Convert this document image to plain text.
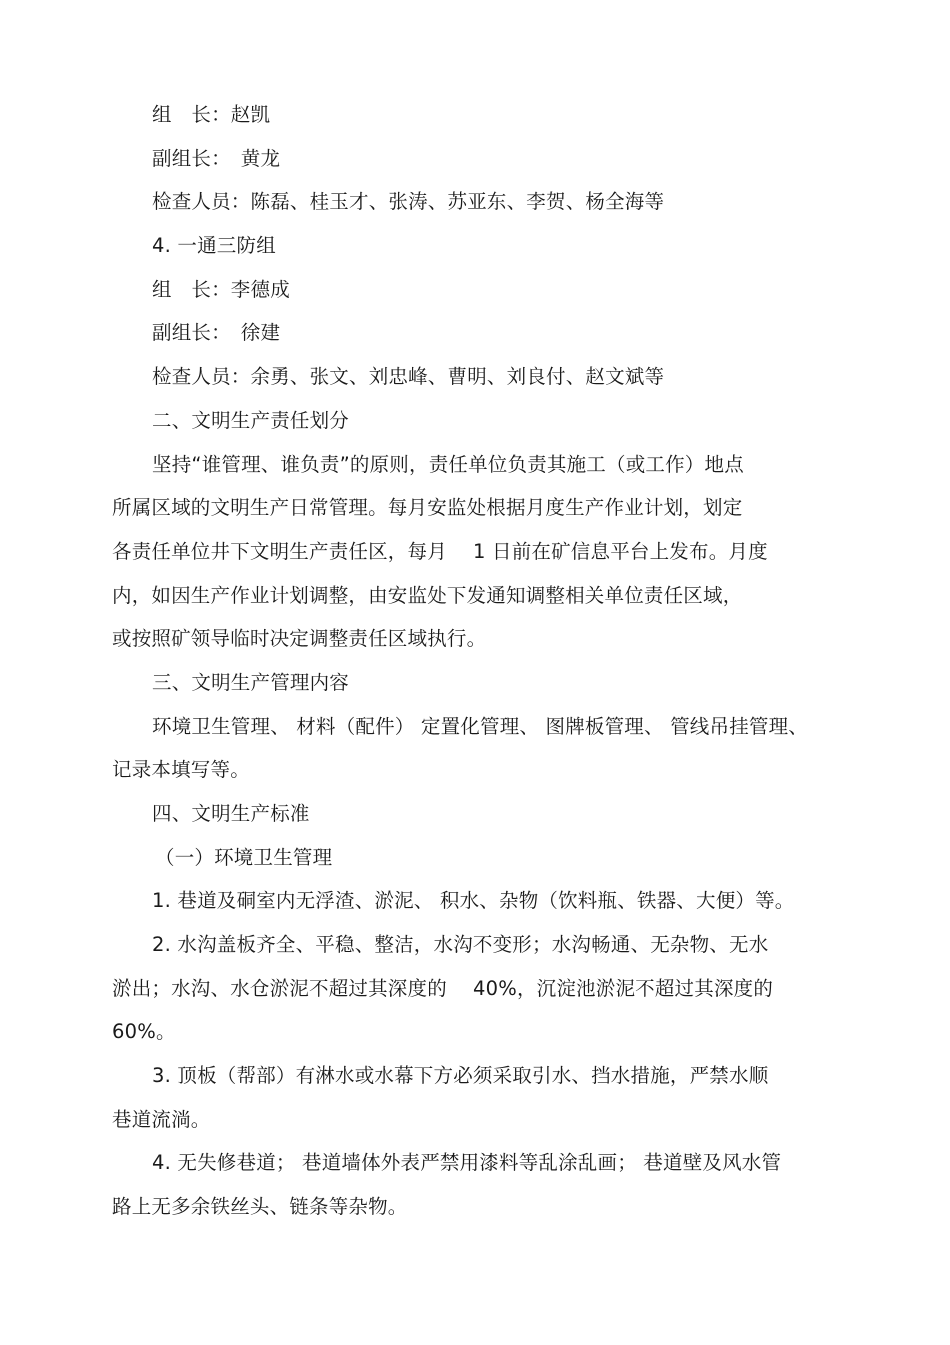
组　长：赵凯
副组长：　黄龙
检查人员：陈磊、桂玉才、张涛、苏亚东、李贺、杨全海等
4. 一通三防组
组　长：李德成
副组长：　徐建
检查人员：余勇、张文、刘忠峰、曹明、刘良付、赵文斌等
二、文明生产责任划分
坚持“谁管理、谁负责”的原则，责任单位负责其施工（或工作）地点
所属区域的文明生产日常管理。每月安监处根据月度生产作业计划，划定
各责任单位井下文明生产责任区，每月　 1 日前在矿信息平台上发布。月度
内，如因生产作业计划调整，由安监处下发通知调整相关单位责任区域，
或按照矿领导临时决定调整责任区域执行。
三、文明生产管理内容
环境卫生管理、 材料（配件） 定置化管理、 图牌板管理、 管线吊挂管理、
记录本填写等。
四、文明生产标准
（一）环境卫生管理
1. 巷道及硐室内无浮渣、淤泥、 积水、杂物（饮料瓶、铁器、大便）等。
2. 水沟盖板齐全、平稳、整洁，水沟不变形；水沟畅通、无杂物、无水
淤出；水沟、水仓淤泥不超过其深度的　 40%，沉淀池淤泥不超过其深度的
60%。
3. 顶板（帮部）有淋水或水幕下方必须采取引水、挡水措施，严禁水顺
巷道流淌。
4. 无失修巷道； 巷道墙体外表严禁用漆料等乱涂乱画； 巷道壁及风水管
路上无多余铁丝头、链条等杂物。
